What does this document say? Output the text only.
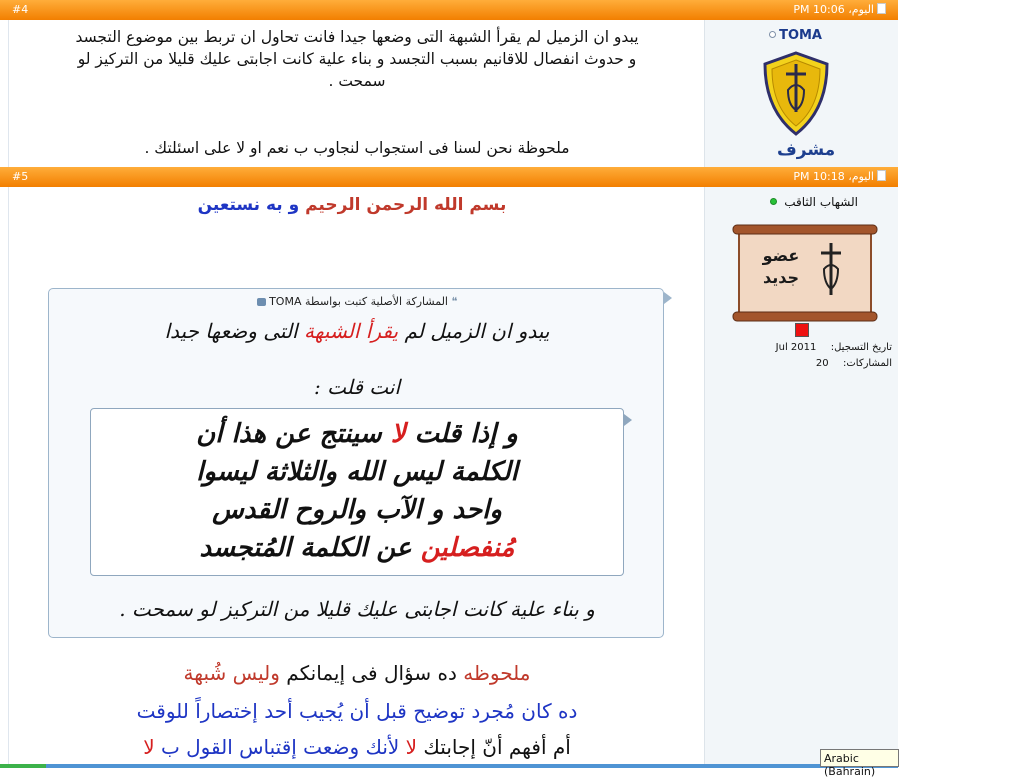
#4	اليوم، 10:06 PM
يبدو ان الزميل لم يقرأ الشبهة التى وضعها جيدا فانت تحاول ان تربط بين موضوع التجسد
و حدوث انفصال للاقانيم بسبب التجسد و بناء علية كانت اجابتى عليك قليلا من التركيز لو
سمحت .
ملحوظة نحن لسنا فى استجواب لنجاوب ب نعم او لا على اسئلتك .
TOMA
مشرف
#5	اليوم، 10:18 PM
بسم الله الرحمن الرحيم و به نستعين
❝ المشاركة الأصلية كتبت بواسطة TOMA
يبدو ان الزميل لم يقرأ الشبهة التى وضعها جيدا
انت قلت :
و إذا قلت لا سينتج عن هذا أن
الكلمة ليس الله والثلاثة ليسوا
واحد و الآب والروح القدس
مُنفصلين عن الكلمة المُتجسد
و بناء علية كانت اجابتى عليك قليلا من التركيز لو سمحت .
ملحوظه ده سؤال فى إيمانكم وليس شُبهة
ده كان مُجرد توضيح قبل أن يُجيب أحد إختصاراً للوقت
أم أفهم أنّ إجابتك لا لأنك وضعت إقتباس القول ب لا
الشهاب الثاقب
عضو
جديد
تاريخ التسجيل:  Jul 2011
المشاركات:  20
Arabic (Bahrain)
